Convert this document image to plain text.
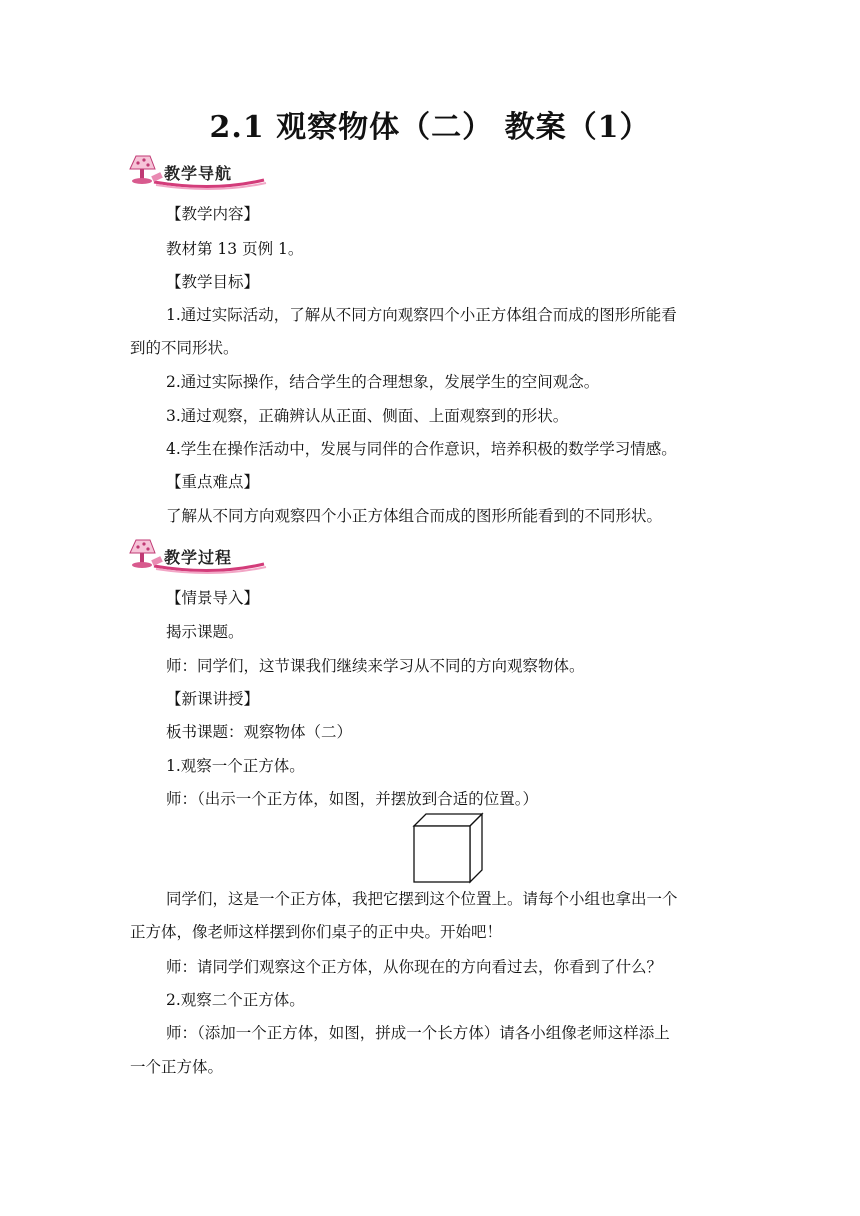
2.1 观察物体（二） 教案（1）
教学导航
【教学内容】
教材第 13 页例 1。
【教学目标】
1.通过实际活动，了解从不同方向观察四个小正方体组合而成的图形所能看
到的不同形状。
2.通过实际操作，结合学生的合理想象，发展学生的空间观念。
3.通过观察，正确辨认从正面、侧面、上面观察到的形状。
4.学生在操作活动中，发展与同伴的合作意识，培养积极的数学学习情感。
【重点难点】
了解从不同方向观察四个小正方体组合而成的图形所能看到的不同形状。
教学过程
【情景导入】
揭示课题。
师：同学们，这节课我们继续来学习从不同的方向观察物体。
【新课讲授】
板书课题：观察物体（二）
1.观察一个正方体。
师：（出示一个正方体，如图，并摆放到合适的位置。）
同学们，这是一个正方体，我把它摆到这个位置上。请每个小组也拿出一个
正方体，像老师这样摆到你们桌子的正中央。开始吧！
师：请同学们观察这个正方体，从你现在的方向看过去，你看到了什么？
2.观察二个正方体。
师：（添加一个正方体，如图，拼成一个长方体）请各小组像老师这样添上
一个正方体。
